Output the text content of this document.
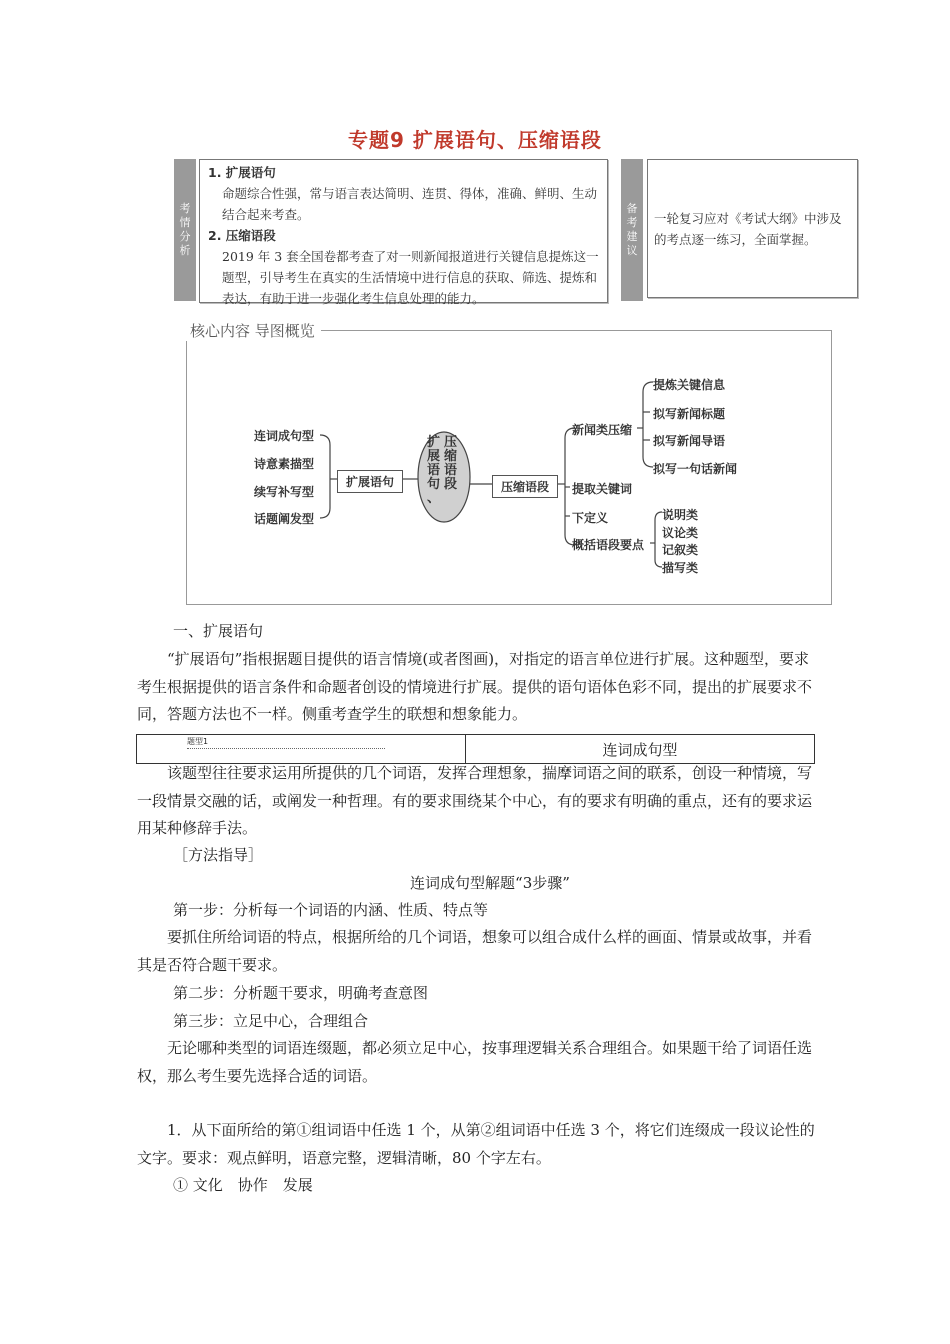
专题9 扩展语句、压缩语段
考
情
分
析
1. 扩展语句
命题综合性强，常与语言表达简明、连贯、得体，准确、鲜明、生动结合起来考查。
2. 压缩语段
2019 年 3 套全国卷都考查了对一则新闻报道进行关键信息提炼这一题型，引导考生在真实的生活情境中进行信息的获取、筛选、提炼和表达，有助于进一步强化考生信息处理的能力。
备
考
建
议
一轮复习应对《考试大纲》中涉及的考点逐一练习，全面掌握。
核心内容 导图概览
连词成句型
诗意素描型
续写补写型
话题阐发型
扩展语句
扩
展
语
句
、
压
缩
语
段	压缩语段
新闻类压缩
提炼关键信息
拟写新闻标题
拟写新闻导语
拟写一句话新闻
提取关键词
下定义
概括语段要点
说明类
议论类
记叙类
描写类
一、扩展语句
“扩展语句”指根据题目提供的语言情境(或者图画)，对指定的语言单位进行扩展。这种题型，要求考生根据提供的语言条件和命题者创设的情境进行扩展。提供的语句语体色彩不同，提出的扩展要求不同，答题方法也不一样。侧重考查学生的联想和想象能力。
题型1	连词成句型
该题型往往要求运用所提供的几个词语，发挥合理想象，揣摩词语之间的联系，创设一种情境，写一段情景交融的话，或阐发一种哲理。有的要求围绕某个中心，有的要求有明确的重点，还有的要求运用某种修辞手法。
［方法指导］
连词成句型解题“3步骤”
第一步：分析每一个词语的内涵、性质、特点等
要抓住所给词语的特点，根据所给的几个词语，想象可以组合成什么样的画面、情景或故事，并看其是否符合题干要求。
第二步：分析题干要求，明确考查意图
第三步：立足中心，合理组合
无论哪种类型的词语连缀题，都必须立足中心，按事理逻辑关系合理组合。如果题干给了词语任选权，那么考生要先选择合适的词语。
1．从下面所给的第①组词语中任选 1 个，从第②组词语中任选 3 个，将它们连缀成一段议论性的文字。要求：观点鲜明，语意完整，逻辑清晰，80 个字左右。
① 文化　协作　发展
